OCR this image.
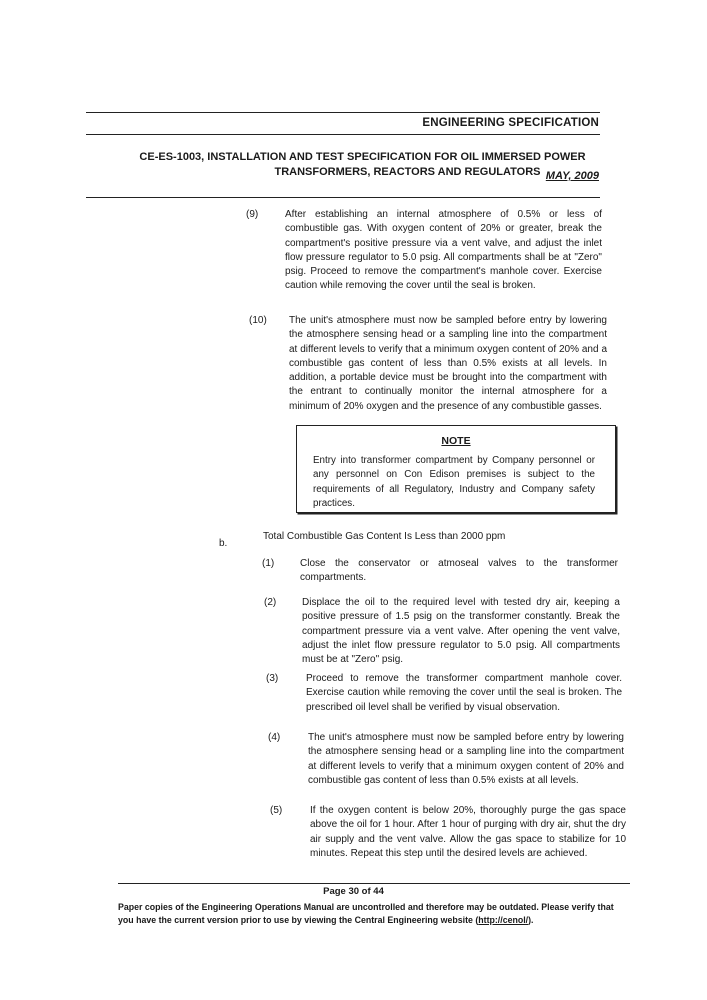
ENGINEERING SPECIFICATION
CE-ES-1003, INSTALLATION AND TEST SPECIFICATION FOR OIL IMMERSED POWER
TRANSFORMERS, REACTORS AND REGULATORS MAY, 2009
(9)	After establishing an internal atmosphere of 0.5% or less of combustible gas. With oxygen content of 20% or greater, break the compartment's positive pressure via a vent valve, and adjust the inlet flow pressure regulator to 5.0 psig. All compartments shall be at "Zero" psig. Proceed to remove the compartment's manhole cover. Exercise caution while removing the cover until the seal is broken.
(10) The unit's atmosphere must now be sampled before entry by lowering the atmosphere sensing head or a sampling line into the compartment at different levels to verify that a minimum oxygen content of 20% and a combustible gas content of less than 0.5% exists at all levels. In addition, a portable device must be brought into the compartment with the entrant to continually monitor the internal atmosphere for a minimum of 20% oxygen and the presence of any combustible gasses.
NOTE
Entry into transformer compartment by Company personnel or any personnel on Con Edison premises is subject to the requirements of all Regulatory, Industry and Company safety practices.
b.
Total Combustible Gas Content Is Less than 2000 ppm
(1)	Close the conservator or atmoseal valves to the transformer compartments.
(2)	Displace the oil to the required level with tested dry air, keeping a positive pressure of 1.5 psig on the transformer constantly. Break the compartment pressure via a vent valve. After opening the vent valve, adjust the inlet flow pressure regulator to 5.0 psig. All compartments must be at "Zero" psig.
(3)	Proceed to remove the transformer compartment manhole cover. Exercise caution while removing the cover until the seal is broken. The prescribed oil level shall be verified by visual observation.
(4)	The unit's atmosphere must now be sampled before entry by lowering the atmosphere sensing head or a sampling line into the compartment at different levels to verify that a minimum oxygen content of 20% and combustible gas content of less than 0.5% exists at all levels.
(5)	If the oxygen content is below 20%, thoroughly purge the gas space above the oil for 1 hour. After 1 hour of purging with dry air, shut the dry air supply and the vent valve. Allow the gas space to stabilize for 10 minutes. Repeat this step until the desired levels are achieved.
Page 30 of 44
Paper copies of the Engineering Operations Manual are uncontrolled and therefore may be outdated. Please verify that you have the current version prior to use by viewing the Central Engineering website (http://cenol/).
